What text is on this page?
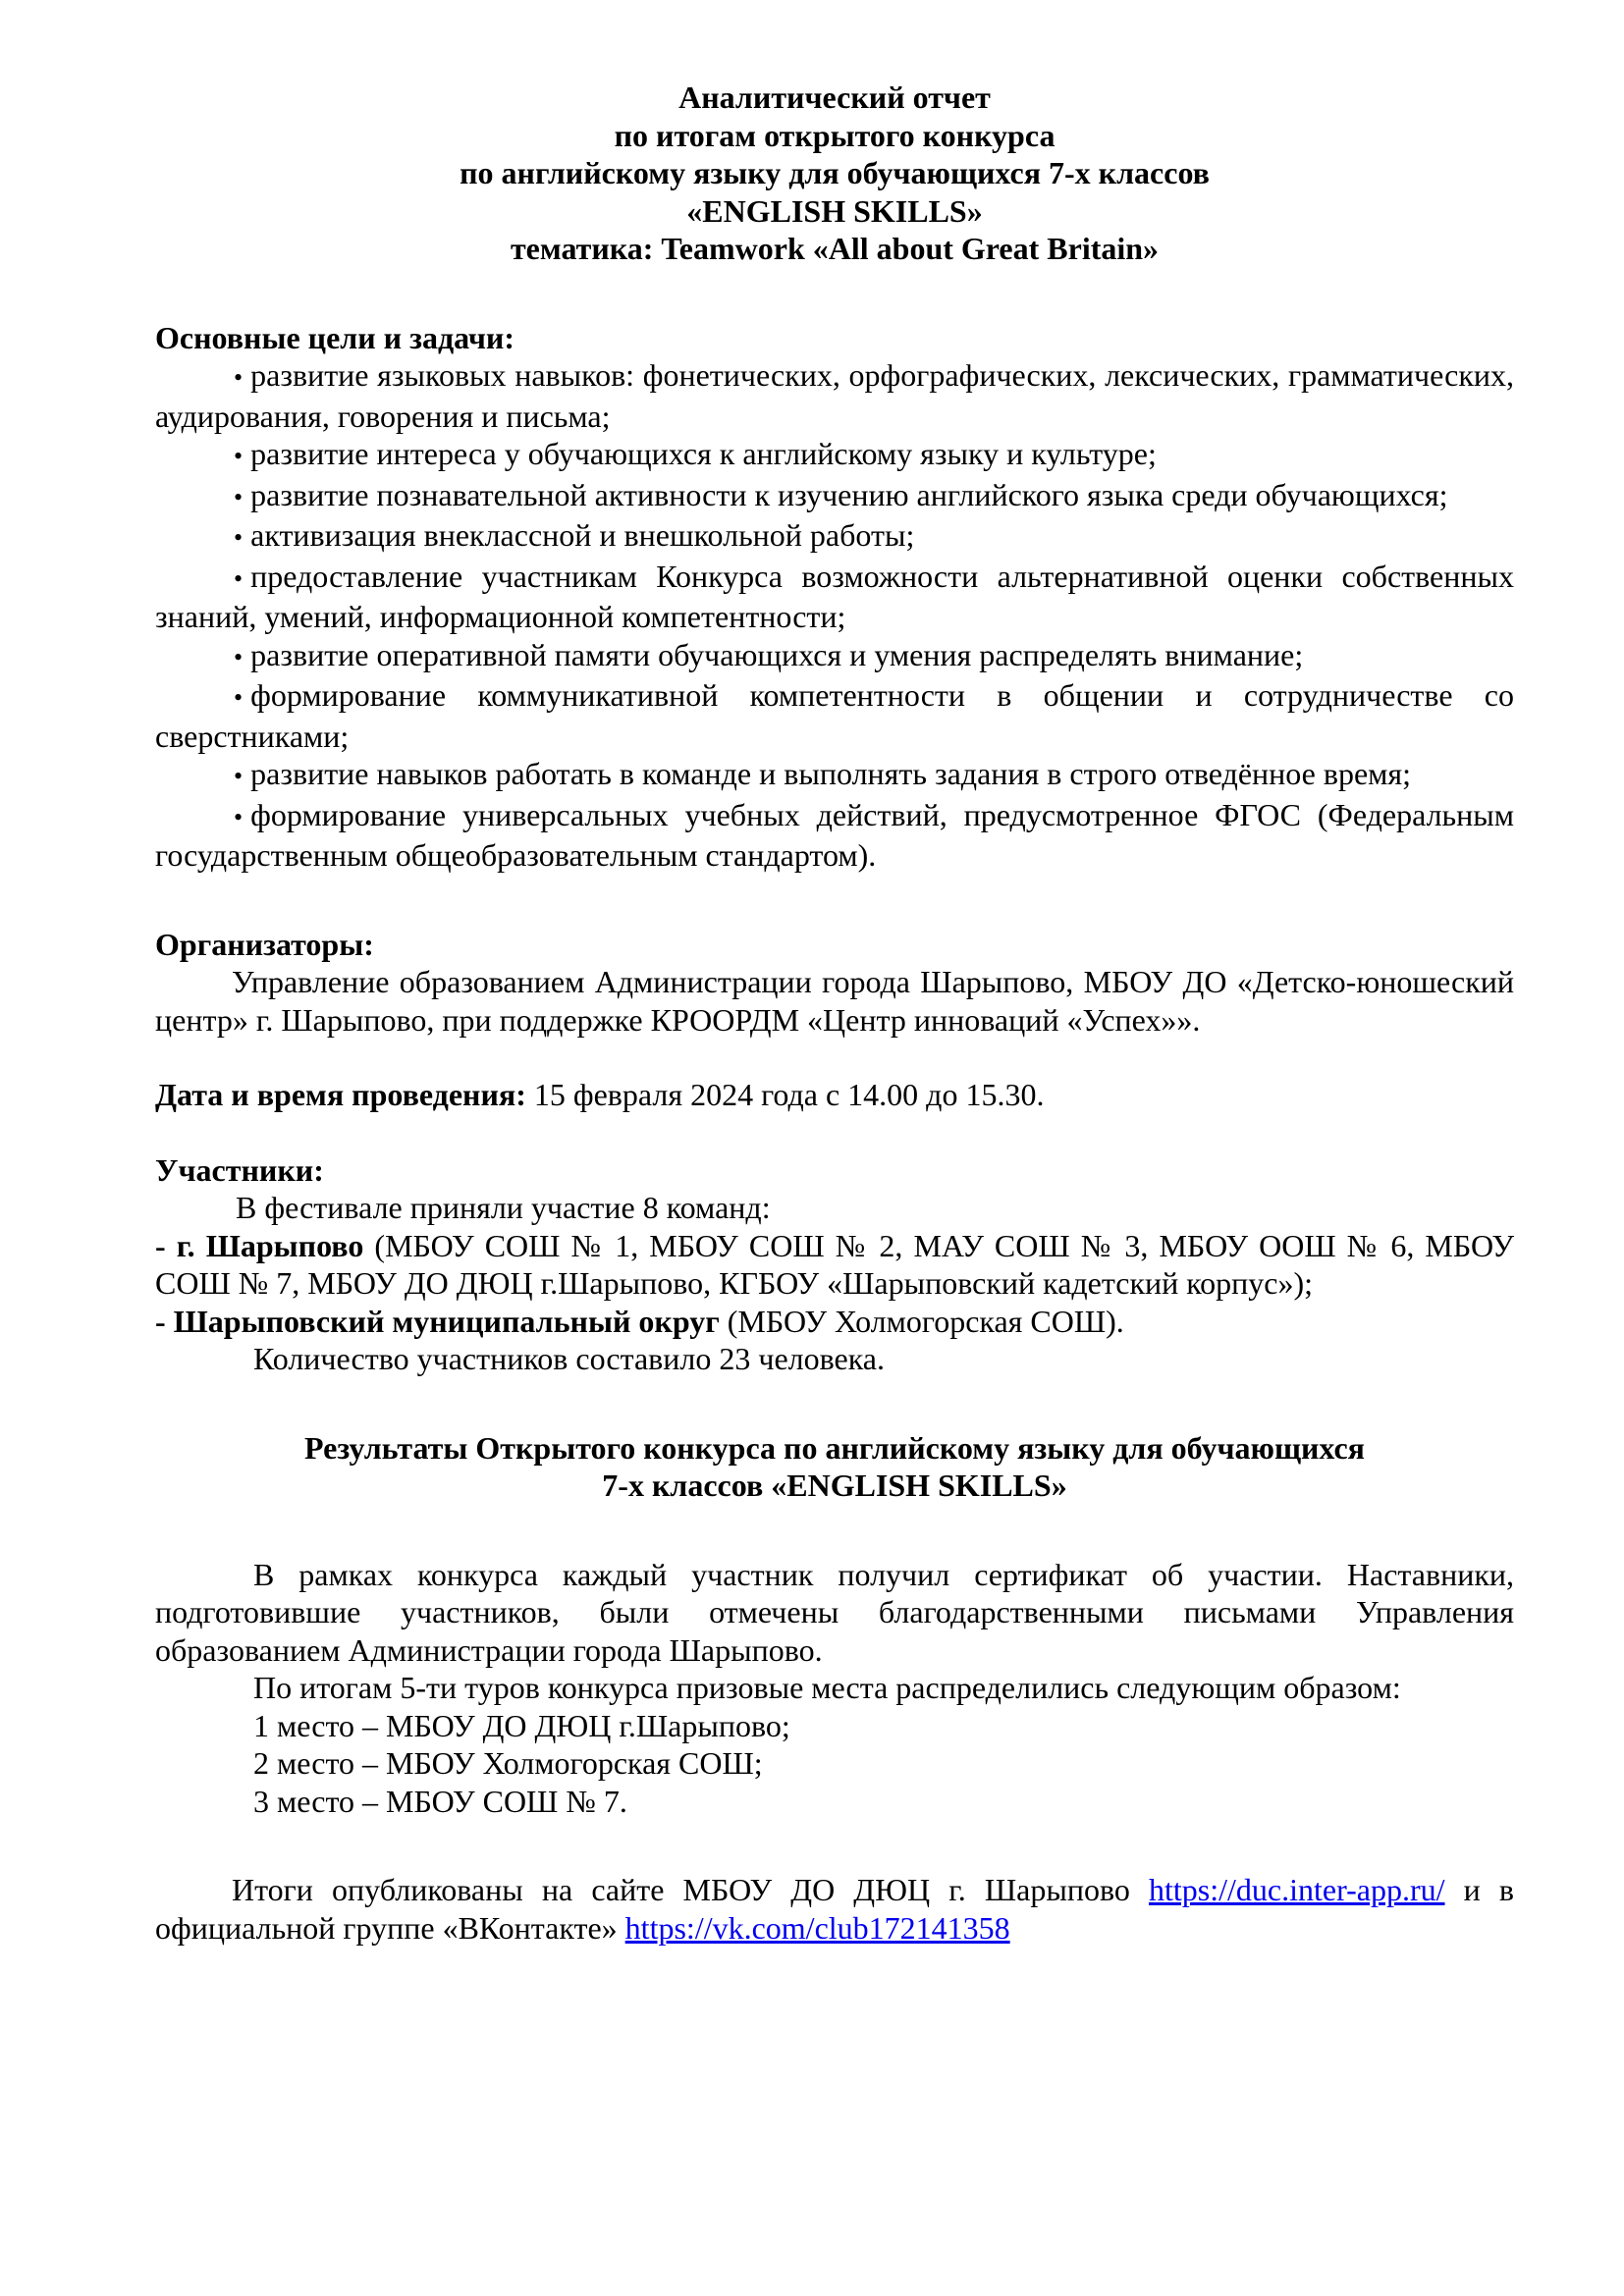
Аналитический отчет
по итогам открытого конкурса
по английскому языку для обучающихся 7-х классов
«ENGLISH SKILLS»
тематика: Teamwork «All about Great Britain»
Основные цели и задачи:
• развитие языковых навыков: фонетических, орфографических, лексических, грамматических, аудирования, говорения и письма;
• развитие интереса у обучающихся к английскому языку и культуре;
• развитие познавательной активности к изучению английского языка среди обучающихся;
• активизация внеклассной и внешкольной работы;
• предоставление участникам Конкурса возможности альтернативной оценки собственных знаний, умений, информационной компетентности;
• развитие оперативной памяти обучающихся и умения распределять внимание;
• формирование коммуникативной компетентности в общении и сотрудничестве со сверстниками;
• развитие навыков работать в команде и выполнять задания в строго отведённое время;
• формирование универсальных учебных действий, предусмотренное ФГОС (Федеральным государственным общеобразовательным стандартом).
Организаторы:
Управление образованием Администрации города Шарыпово, МБОУ ДО «Детско-юношеский центр» г. Шарыпово, при поддержке КРООРДМ «Центр инноваций «Успех»».
Дата и время проведения: 15 февраля 2024 года с 14.00 до 15.30.
Участники:
В фестивале приняли участие 8 команд:
- г. Шарыпово (МБОУ СОШ № 1, МБОУ СОШ № 2, МАУ СОШ № 3, МБОУ ООШ № 6, МБОУ СОШ № 7, МБОУ ДО ДЮЦ г.Шарыпово, КГБОУ «Шарыповский кадетский корпус»);
- Шарыповский муниципальный округ (МБОУ Холмогорская СОШ).
Количество участников составило 23 человека.
Результаты Открытого конкурса по английскому языку для обучающихся
7-х классов «ENGLISH SKILLS»
В рамках конкурса каждый участник получил сертификат об участии. Наставники, подготовившие участников, были отмечены благодарственными письмами Управления образованием Администрации города Шарыпово.
По итогам 5-ти туров конкурса призовые места распределились следующим образом:
1 место – МБОУ ДО ДЮЦ г.Шарыпово;
2 место – МБОУ Холмогорская СОШ;
3 место – МБОУ СОШ № 7.
Итоги опубликованы на сайте МБОУ ДО ДЮЦ г. Шарыпово https://duc.inter-app.ru/ и в официальной группе «ВКонтакте» https://vk.com/club172141358
